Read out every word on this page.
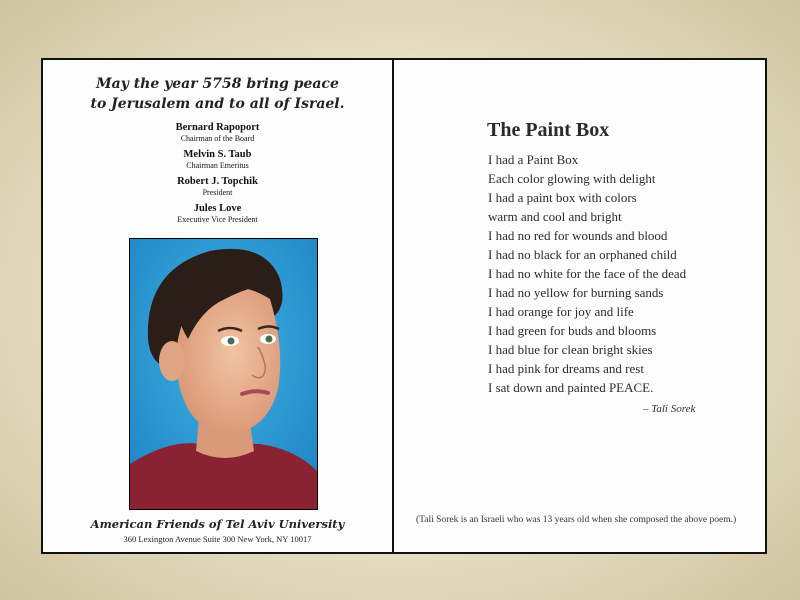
May the year 5758 bring peace
to Jerusalem and to all of Israel.
Bernard Rapoport
Chairman of the Board
Melvin S. Taub
Chairman Emeritus
Robert J. Topchik
President
Jules Love
Executive Vice President
American Friends of Tel Aviv University
360 Lexington Avenue Suite 300 New York, NY 10017
The Paint Box
I had a Paint Box
Each color glowing with delight
I had a paint box with colors
warm and cool and bright
I had no red for wounds and blood
I had no black for an orphaned child
I had no white for the face of the dead
I had no yellow for burning sands
I had orange for joy and life
I had green for buds and blooms
I had blue for clean bright skies
I had pink for dreams and rest
I sat down and painted PEACE.
– Tali Sorek
(Tali Sorek is an Israeli who was 13 years old when she composed the above poem.)
